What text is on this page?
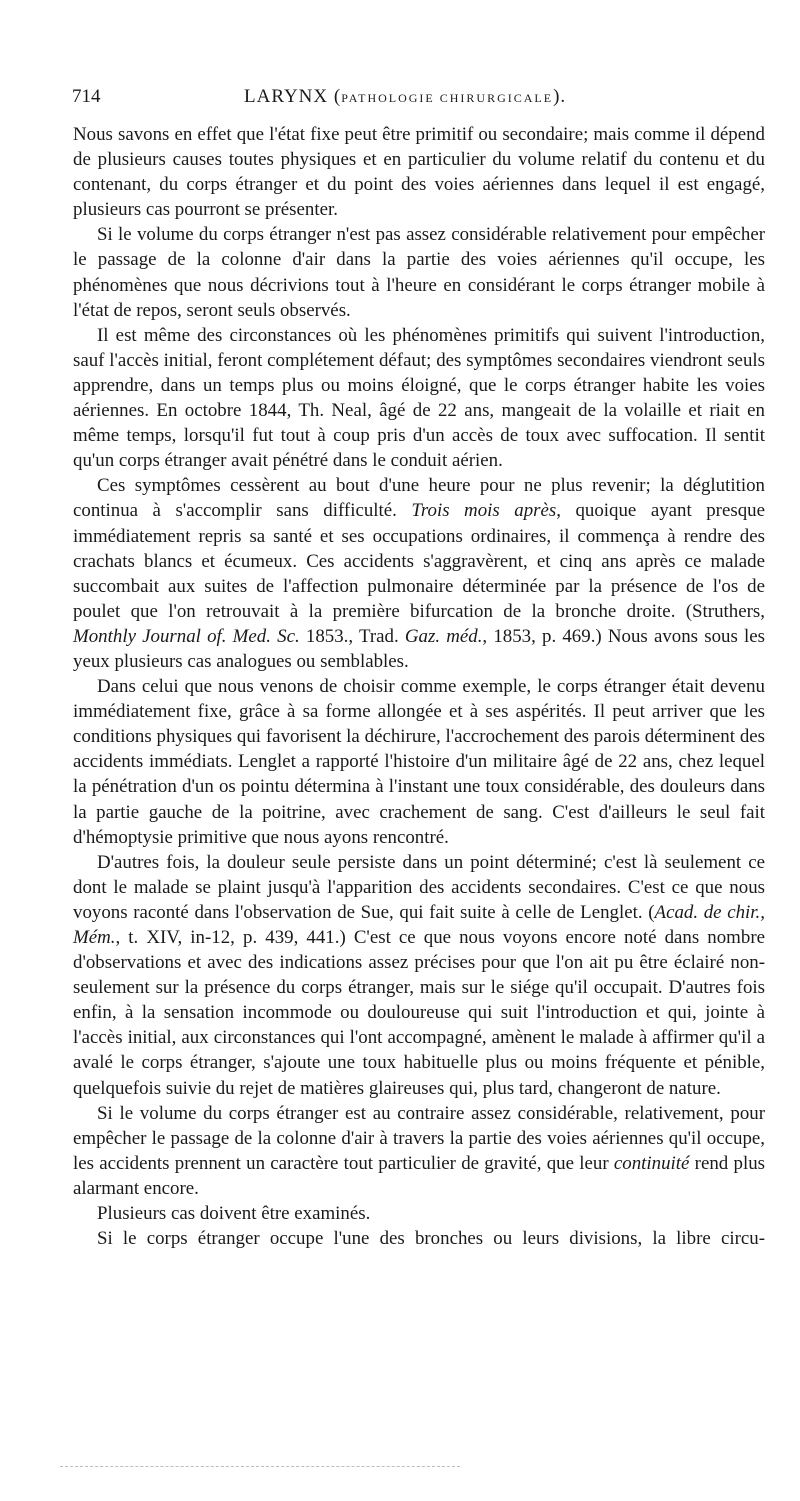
714	LARYNX (PATHOLOGIE CHIRURGICALE).

Nous savons en effet que l'état fixe peut être primitif ou secondaire; mais comme il dépend de plusieurs causes toutes physiques et en particulier du volume relatif du contenu et du contenant, du corps étranger et du point des voies aériennes dans lequel il est engagé, plusieurs cas pourront se présenter.

Si le volume du corps étranger n'est pas assez considérable relativement pour empêcher le passage de la colonne d'air dans la partie des voies aériennes qu'il occupe, les phénomènes que nous décrivions tout à l'heure en considérant le corps étranger mobile à l'état de repos, seront seuls observés.

Il est même des circonstances où les phénomènes primitifs qui suivent l'introduction, sauf l'accès initial, feront complétement défaut; des symptômes secondaires viendront seuls apprendre, dans un temps plus ou moins éloigné, que le corps étranger habite les voies aériennes. En octobre 1844, Th. Neal, âgé de 22 ans, mangeait de la volaille et riait en même temps, lorsqu'il fut tout à coup pris d'un accès de toux avec suffocation. Il sentit qu'un corps étranger avait pénétré dans le conduit aérien.

Ces symptômes cessèrent au bout d'une heure pour ne plus revenir; la déglutition continua à s'accomplir sans difficulté. Trois mois après, quoique ayant presque immédiatement repris sa santé et ses occupations ordinaires, il commença à rendre des crachats blancs et écumeux. Ces accidents s'aggravèrent, et cinq ans après ce malade succombait aux suites de l'affection pulmonaire déterminée par la présence de l'os de poulet que l'on retrouvait à la première bifurcation de la bronche droite. (Struthers, Monthly Journal of. Med. Sc. 1853., Trad. Gaz. méd., 1853, p. 469.) Nous avons sous les yeux plusieurs cas analogues ou semblables.

Dans celui que nous venons de choisir comme exemple, le corps étranger était devenu immédiatement fixe, grâce à sa forme allongée et à ses aspérités. Il peut arriver que les conditions physiques qui favorisent la déchirure, l'accrochement des parois déterminent des accidents immédiats. Lenglet a rapporté l'histoire d'un militaire âgé de 22 ans, chez lequel la pénétration d'un os pointu détermina à l'instant une toux considérable, des douleurs dans la partie gauche de la poitrine, avec crachement de sang. C'est d'ailleurs le seul fait d'hémoptysie primitive que nous ayons rencontré.

D'autres fois, la douleur seule persiste dans un point déterminé; c'est là seulement ce dont le malade se plaint jusqu'à l'apparition des accidents secondaires. C'est ce que nous voyons raconté dans l'observation de Sue, qui fait suite à celle de Lenglet. (Acad. de chir., Mém., t. XIV, in-12, p. 439, 441.) C'est ce que nous voyons encore noté dans nombre d'observations et avec des indications assez précises pour que l'on ait pu être éclairé non-seulement sur la présence du corps étranger, mais sur le siége qu'il occupait. D'autres fois enfin, à la sensation incommode ou douloureuse qui suit l'introduction et qui, jointe à l'accès initial, aux circonstances qui l'ont accompagné, amènent le malade à affirmer qu'il a avalé le corps étranger, s'ajoute une toux habituelle plus ou moins fréquente et pénible, quelquefois suivie du rejet de matières glaireuses qui, plus tard, changeront de nature.

Si le volume du corps étranger est au contraire assez considérable, relativement, pour empêcher le passage de la colonne d'air à travers la partie des voies aériennes qu'il occupe, les accidents prennent un caractère tout particulier de gravité, que leur continuité rend plus alarmant encore.

Plusieurs cas doivent être examinés.

Si le corps étranger occupe l'une des bronches ou leurs divisions, la libre circu-
